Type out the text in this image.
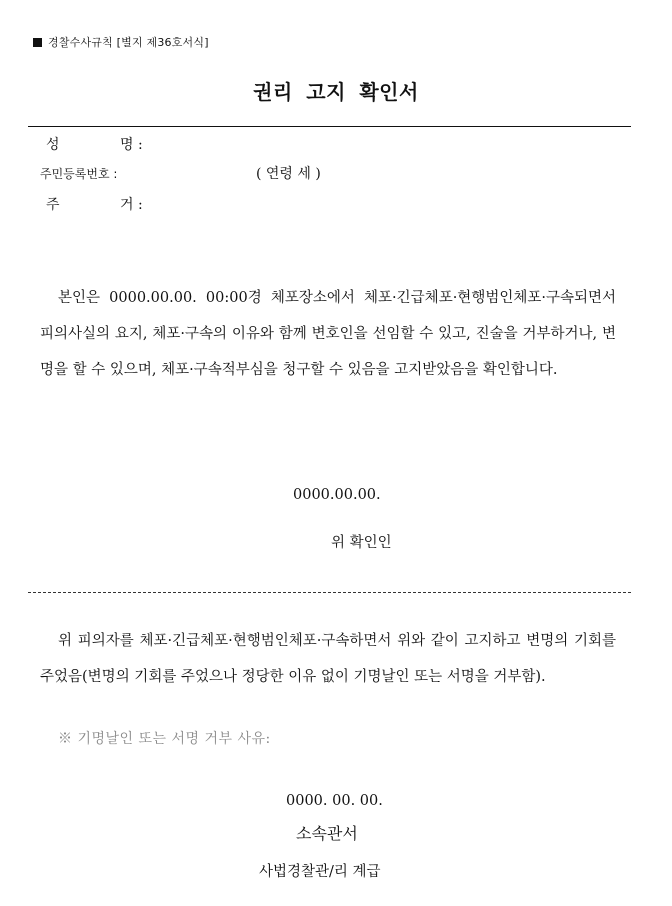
경찰수사규칙 [별지 제36호서식]
권리 고지 확인서
성	명 :
주민등록번호 :	( 연령 세 )
주	거 :

본인은 0000.00.00. 00:00경 체포장소에서 체포·긴급체포·현행범인체포·구속되면서 피의사실의 요지, 체포·구속의 이유와 함께 변호인을 선임할 수 있고, 진술을 거부하거나, 변명을 할 수 있으며, 체포·구속적부심을 청구할 수 있음을 고지받았음을 확인합니다.

0000.00.00.
위 확인인

위 피의자를 체포·긴급체포·현행범인체포·구속하면서 위와 같이 고지하고 변명의 기회를 주었음(변명의 기회를 주었으나 정당한 이유 없이 기명날인 또는 서명을 거부함).

※ 기명날인 또는 서명 거부 사유:
0000. 00. 00.
소속관서
사법경찰관/리 계급
